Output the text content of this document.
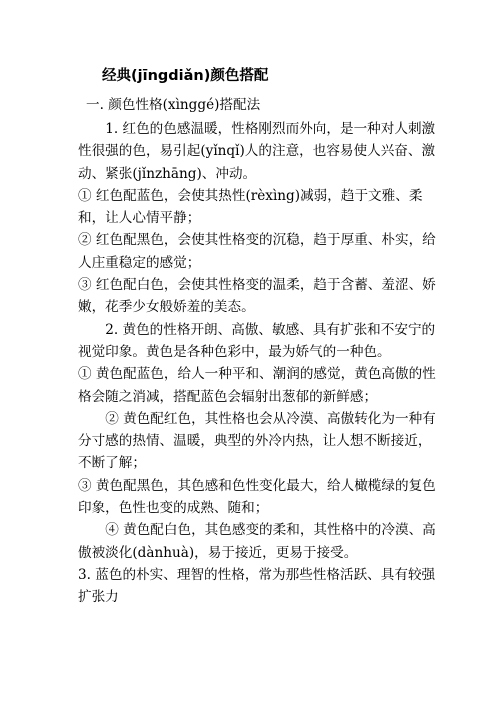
经典(jīngdiǎn)颜色搭配
一. 颜色性格(xìnggé)搭配法

1. 红色的色感温暖，性格刚烈而外向，是一种对人刺激性很强的色，易引起(yǐnqǐ)人的注意，也容易使人兴奋、激 动、紧张(jǐnzhāng)、冲动。

① 红色配蓝色，会使其热性(rèxìng)减弱，趋于文雅、柔和，让人心情平静；

② 红色配黑色，会使其性格变的沉稳，趋于厚重、朴实，给人庄重稳定的感觉；

③ 红色配白色，会使其性格变的温柔，趋于含蓄、羞涩、娇嫩，花季少女般娇羞的美态。

2. 黄色的性格开朗、高傲、敏感、具有扩张和不安宁的视觉印象。黄色是各种色彩中，最为娇气的一种色。

① 黄色配蓝色，给人一种平和、潮润的感觉，黄色高傲的性格会随之消减，搭配蓝色会辐射出葱郁的新鲜感；

② 黄色配红色，其性格也会从冷漠、高傲转化为一种有分寸感的热情、温暖，典型的外冷内热，让人想不断接近，不断了解；

③ 黄色配黑色，其色感和色性变化最大，给人橄榄绿的复色印象，色性也变的成熟、随和；

④ 黄色配白色，其色感变的柔和，其性格中的冷漠、高傲被淡化(dànhuà)，易于接近，更易于接受。

3. 蓝色的朴实、理智的性格，常为那些性格活跃、具有较强扩张力
